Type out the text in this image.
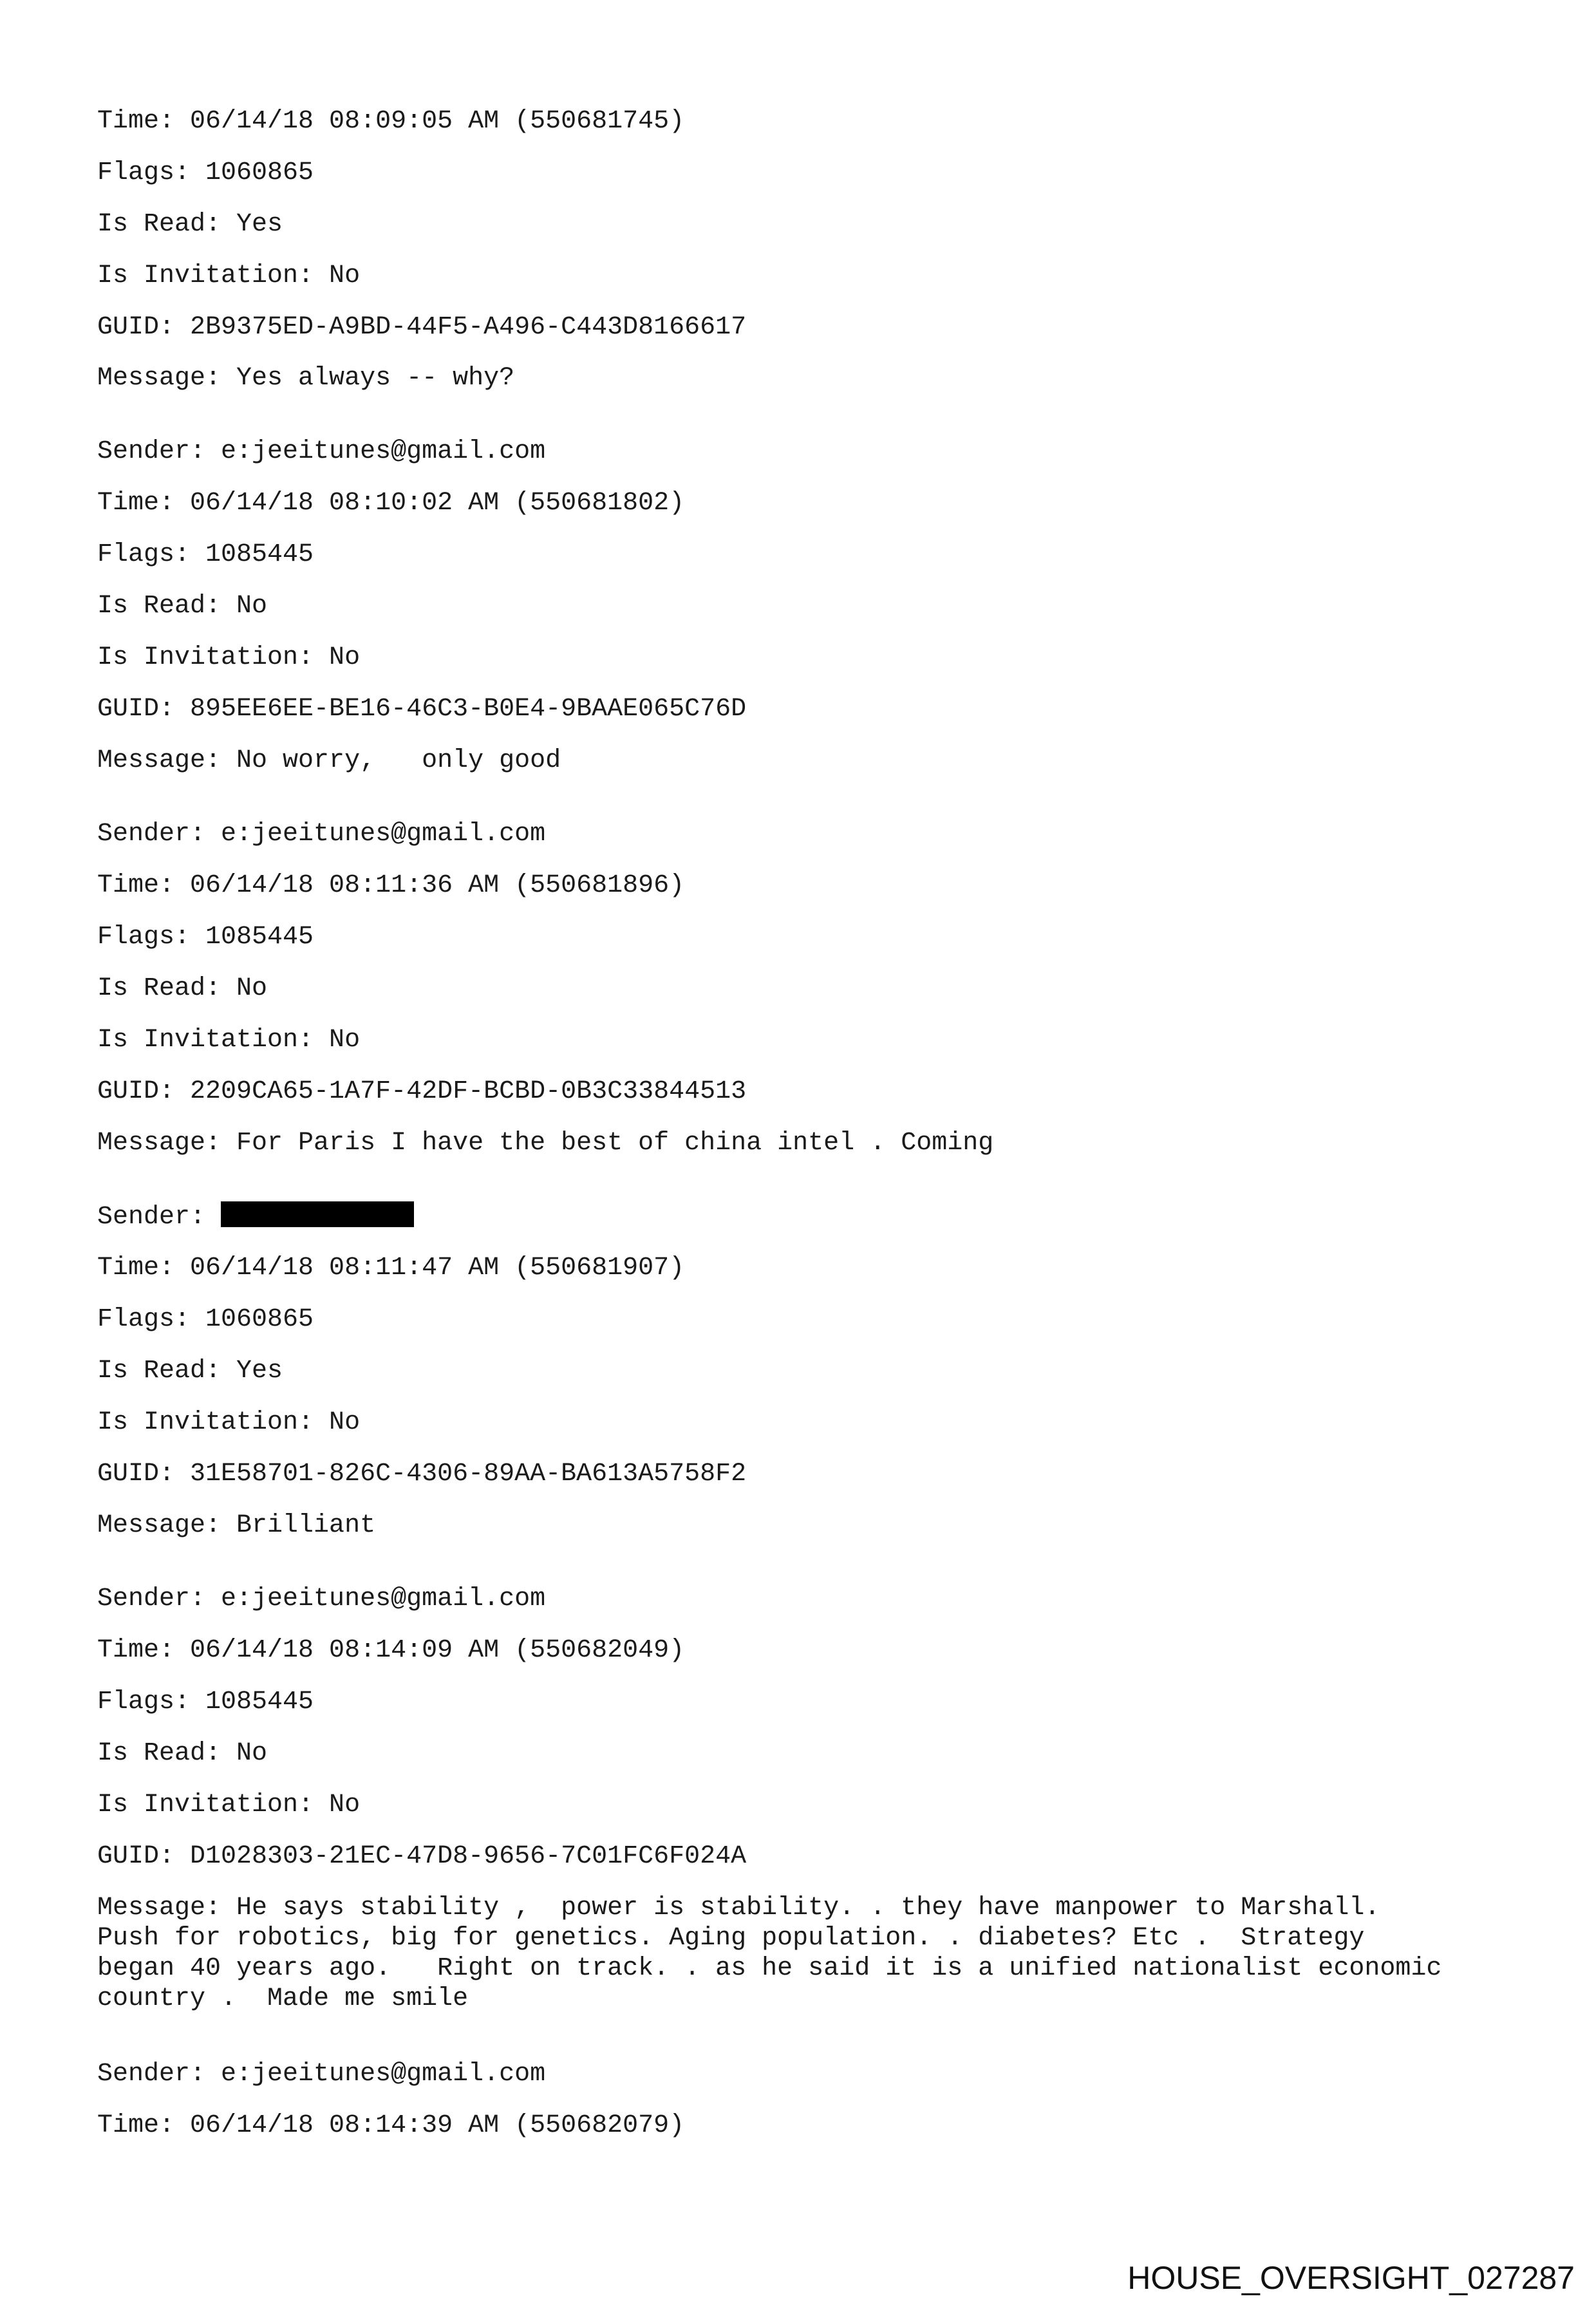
Time: 06/14/18 08:09:05 AM (550681745)
Flags: 1060865
Is Read: Yes
Is Invitation: No
GUID: 2B9375ED-A9BD-44F5-A496-C443D8166617
Message: Yes always -- why?
Sender: e:jeeitunes@gmail.com
Time: 06/14/18 08:10:02 AM (550681802)
Flags: 1085445
Is Read: No
Is Invitation: No
GUID: 895EE6EE-BE16-46C3-B0E4-9BAAE065C76D
Message: No worry,   only good
Sender: e:jeeitunes@gmail.com
Time: 06/14/18 08:11:36 AM (550681896)
Flags: 1085445
Is Read: No
Is Invitation: No
GUID: 2209CA65-1A7F-42DF-BCBD-0B3C33844513
Message: For Paris I have the best of china intel . Coming
Sender:
Time: 06/14/18 08:11:47 AM (550681907)
Flags: 1060865
Is Read: Yes
Is Invitation: No
GUID: 31E58701-826C-4306-89AA-BA613A5758F2
Message: Brilliant
Sender: e:jeeitunes@gmail.com
Time: 06/14/18 08:14:09 AM (550682049)
Flags: 1085445
Is Read: No
Is Invitation: No
GUID: D1028303-21EC-47D8-9656-7C01FC6F024A
Message: He says stability ,  power is stability. . they have manpower to Marshall.
Push for robotics, big for genetics. Aging population. . diabetes? Etc .  Strategy
began 40 years ago.   Right on track. . as he said it is a unified nationalist economic
country .  Made me smile
Sender: e:jeeitunes@gmail.com
Time: 06/14/18 08:14:39 AM (550682079)
HOUSE_OVERSIGHT_027287
